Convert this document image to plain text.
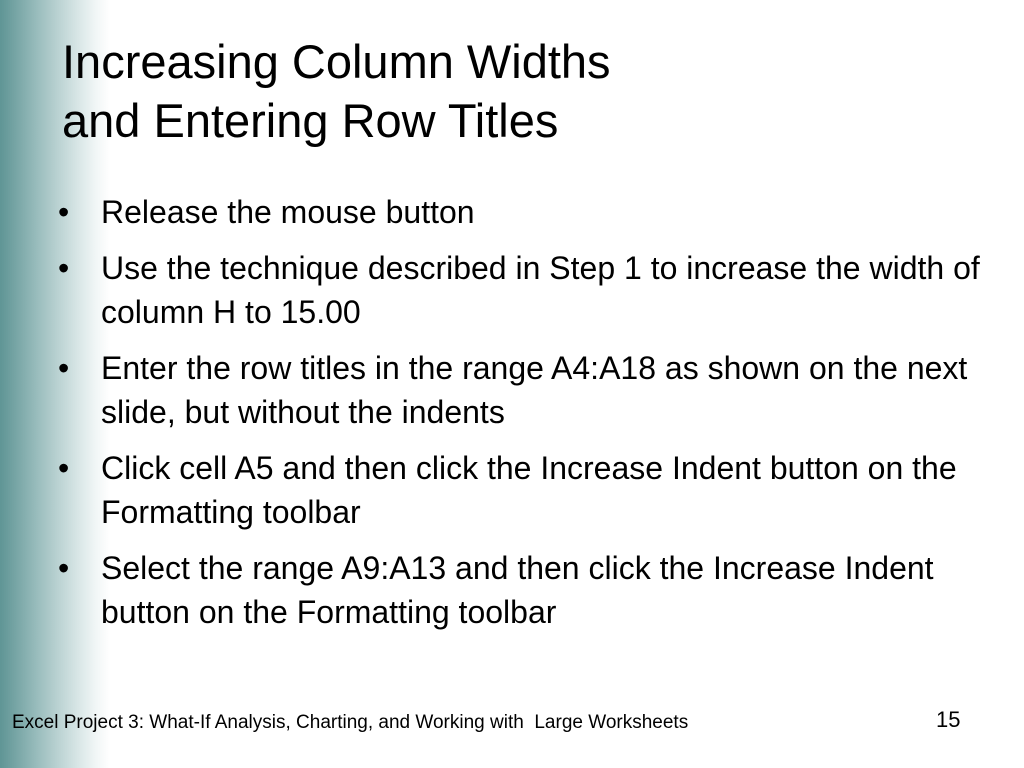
Increasing Column Widths
and Entering Row Titles
• Release the mouse button
• Use the technique described in Step 1 to increase the width of column H to 15.00
• Enter the row titles in the range A4:A18 as shown on the next slide, but without the indents
• Click cell A5 and then click the Increase Indent button on the Formatting toolbar
• Select the range A9:A13 and then click the Increase Indent button on the Formatting toolbar
Excel Project 3: What-If Analysis, Charting, and Working with  Large Worksheets	15
